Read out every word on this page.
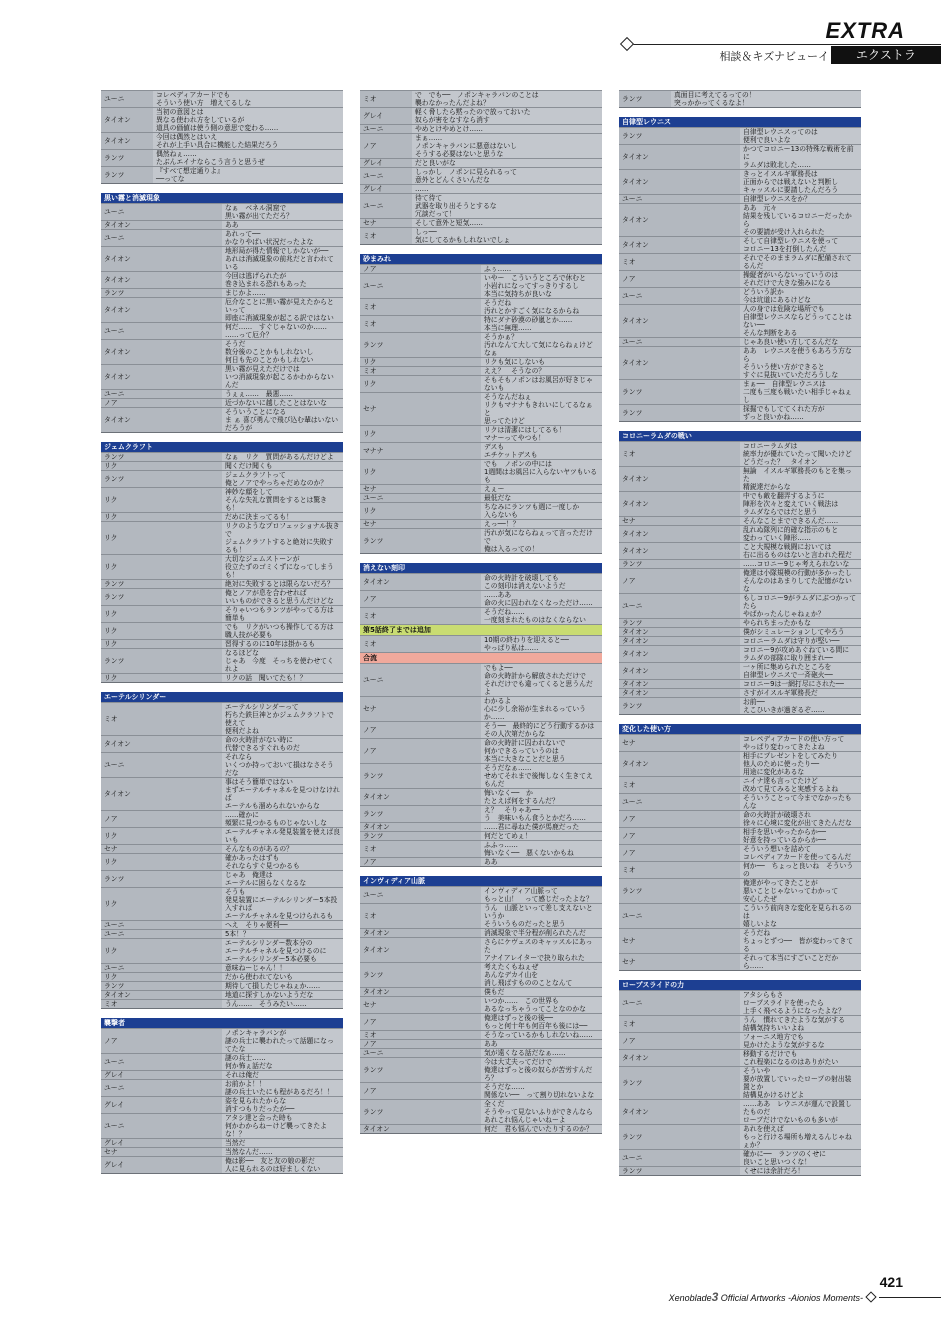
EXTRA
相談＆キズナビューイ	エクストラ
ユーニ	コレペディアカードでも
そういう使い方　増えてるしな
タイオン	当初の意図とは
異なる使われ方をしているが
道具の価値は使う側の意思で変わる……
タイオン	今回は偶然とはいえ
それが上手い具合に機能した結果だろう
ランツ	偶然ねぇ……
たぶんエイナならこう言うと思うぜ
ランツ	『すべて想定通りよ』
──ってな
黒い霧と消滅現象	
ユーニ	なぁ　ベネル洞窟で
黒い霧が出てただろ？
タイオン	ああ
ユーニ	あれって──
かなりやばい状況だったよな
タイオン	地形局が得た情報でしかないが──
あれは消滅現象の前兆だと言われている
タイオン	今回は逃げられたが
巻き込まれる恐れもあった
ランツ	まじかよ……
タイオン	厄介なことに黒い霧が見えたからといって
即座に消滅現象が起こる訳ではない
ユーニ	何だ……　すぐじゃないのか……
……って厄介？
タイオン	そうだ
数分後のことかもしれないし
何日も先のことかもしれない
タイオン	黒い霧が見えただけでは
いつ消滅現象が起こるかわからないんだ
ユーニ	うぇぇ……　最悪……
ノア	近づかないに越したことはないな
タイオン	そういうことになる
ま ぁ 喜び勇んで飛び込む輩はいないだろうが
ジェムクラフト	
ランツ	なぁ　リク　質問があるんだけどよ
リク	聞くだけ聞くも
ランツ	ジェムクラフトって
俺とノアでやっちゃだめなのか？
リク	神妙な顔をして
そんな失礼な質問をするとは驚きも！
リク	だめに決まってるも！
リク	リクのようなプロフェッショナル抜きで
ジェムクラフトすると絶対に失敗するも！
リク	大切なジェムストーンが
役立たずのゴミくずになってしまうも！
ランツ	絶対に失敗するとは限らないだろ？
ランツ	俺とノアが息を合わせれば
いいものができると思うんだけどな
リク	そりゃいつもランツがやってる方は簡単も
リク	でも　リクがいつも操作してる方は
職人技が必要も
リク	習得するのに10年は掛かるも
ランツ	なるほどな
じゃあ　今度　そっちを使わせてくれよ
リク	リクの話　聞いてたも！？
エーテルシリンダー	
ミオ	エーテルシリンダーって
朽ちた鉄巨神とかジェムクラフトで使えて
便利だよね
タイオン	命の火時計がない時に
代替できるすぐれものだ
ユーニ	それなら
いくつか持っておいて損はなさそうだな
タイオン	事はそう簡単ではない
まずエーテルチャネルを見つけなければ
エーテルも溜められないからな
ノア	……確かに
頻繁に見つかるものじゃないしな
リク	エーテルチャネル発見装置を使えば良いも
セナ	そんなものがあるの？
リク	確かあったはずも
それならすぐ見つかるも
ランツ	じゃあ　俺達は
エーテルに困らなくなるな
リク	そうも
発見装置にエーテルシリンダー5本投入すれば
エーテルチャネルを見つけられるも
ユーニ	へえ　そりゃ便利──
ユーニ	5本！？
リク	エーテルシリンダー数本分の
エーテルチャネルを見つけるのに
エーテルシリンダー5本必要も
ユーニ	意味ねーじゃん！！
リク	だから使われてないも
ランツ	期待して損したじゃねぇか……
タイオン	地道に探すしかないようだな
ミオ	うん……　そうみたい……
襲撃者	
ノア	ノポンキャラバンが
謎の兵士に襲われたって話題になってたな
ユーニ	謎の兵士……
何か怖ぇ話だな
グレイ	それは俺だ
ユーニ	お前かよ！！
謎の兵士いたにも程があるだろ！！
グレイ	姿を見られたからな
消すつもりだったが──
ユーニ	アタシ達と会った時も
何かわからねーけど襲ってきたよな！？
グレイ	当然だ
セナ	当然なんだ……
グレイ	俺は影──　友と友の娘の影だ
人に見られるのは好ましくない
ミオ	で　でも──　ノポンキャラバンのことは
襲わなかったんだよね？
グレイ	軽く脅したら黙ったので放っておいた
奴らが害をなすなら消す
ユーニ	やめとけやめとけ……
ノア	まぁ……
ノポンキャラバンに悪意はないし
そうする必要はないと思うな
グレイ	だと良いがな
ユーニ	しっかし　ノポンに見られるって
意外とどんくさいんだな
グレイ	……
ユーニ	待て待て
武器を取り出そうとするな
冗談だって！
セナ	そして意外と短気……
ミオ	しっ──
気にしてるかもしれないでしょ
砂まみれ	
ノア	ふぅ……
ユーニ	いやー　こういうところで休むと
小岩れになってすっきりするし
本当に気持ちが良いな
ミオ	そうだね
汚れとかすごく気になるからね
ミオ	特にダナ砂漠の砂嵐とか……
本当に無理……
ランツ	そうかぁ？
汚れなんて大して気にならねぇけどなぁ
リク	リクも気にしないも
ミオ	ええ？　そうなの？
リク	そもそもノポンはお風呂が好きじゃないも
セナ	そうなんだねぇ
リクもマナナもきれいにしてるなぁと
思ってたけど
リク	リクは清潔にはしてるも！
マナーってやつも！
マナナ	デスも
エチケットデスも
リク	でも　ノポンの中には
1週間はお風呂に入らないヤツもいるも
セナ	えぇー
ユーニ	最低だな
リク	ちなみにランツも週に一度しか
入らないも
セナ	えっ──！？
ランツ	汚れが気にならねぇって言っただけで
俺は入るっての！
消えない刻印	
タイオン	命の火時計を破壊しても
この刻印は消えないようだ
ノア	……ああ
命の火に囚われなくなっただけ……
ミオ	そうだね……
一度刻まれたものはなくならない
第5話終了までは追加	
ミオ	10期の終わりを迎えると──
やっぱり私は……
合流	
ユーニ	でもよ──
命の火時計から解放されただけで
それだけでも違ってくると思うんだよ
セナ	わかるよ
心に少し余裕が生まれるっていうか……
ノア	そう──　最終的にどう行動するかは
その人次第だからな
ノア	命の火時計に囚われないで
何かできるっていうのは
本当に大きなことだと思う
ランツ	そうだなぁ……
せめてそれまで後悔しなく生きてえもんだ
タイオン	悔いなく──　か
たとえば何をするんだ？
ランツ	え？　そりゃあ──
う　美味いもん食うとかだろ……
タイオン	……君に尋ねた僕が馬鹿だった
ランツ	何だとてめぇ！
ミオ	ふふっ……
悔いなく──　悪くないかもね
ノア	ああ
インヴィディア山脈	
ユーニ	インヴィディア山脈って
もっと山！　って感じだったよな？
ミオ	うん　山脈といって差し支えないというか
そういうものだったと思う
タイオン	消滅現象で半分程が削られたんだ
タイオン	さらにケヴェスのキャッスルにあった
アナイアレイターで抉り取られた
ランツ	考えたくもねぇぜ
あんなデカイ山を
消し飛ばすもののことなんて
タイオン	僕もだ
セナ	いつか……　この世界も
あるなっちゃうってことなのかな
ノア	俺達はずっと後の後──
もっと何十年も何百年も後には──
ミオ	そうなっているかもしれないね……
ノア	ああ
ユーニ	気が遠くなる話だなぁ……
ランツ	今は大丈夫ってだけで
俺達はずっと後の奴らが苦労すんだろ？
ノア	そうだな……
関係ない──　って割り切れないよな
ランツ	全くだ
そうやって見ないふりができんなら
あれこれ悩んじゃいねーよ
タイオン	何だ　君も悩んでいたりするのか？
ランツ	真面目に考えてるっての！
突っかかってくるなよ！
自律型レウニス	
ランツ	自律型レウニスってのは
便利で良いよな
タイオン	かつてコロニー13の特殊な戦術を前に
ラムダは敗北した……
タイオン	きっとイスルギ軍務長は
正面からでは戦えないと判断し
キャッスルに要請したんだろう
ユーニ	自律型レウニスをか？
タイオン	ああ　元々
結果を残しているコロニーだったから
その要請が受け入れられた
タイオン	そして自律型レウニスを使って
コロニー13を打倒したんだ
ミオ	それでそのままラムダに配備されてるんだ
ノア	操縦者がいらないっていうのは
それだけで大きな強みになる
ユーニ	どういう訳か
今は坑道にあるけどな
タイオン	人の身では危険な場所でも
自律型レウニスならどうってことはない──
そんな判断をある
ユーニ	じゃあ良い使い方してるんだな
タイオン	ああ　レウニスを使うもあろう方なら
そういう使い方ができると
すぐに見抜いていただろうしな
ランツ	まぁ──　自律型レウニスは
二度も三度も戦いたい相手じゃねぇし
ランツ	採掘でもしててくれた方が
ずっと良いかね……
コロニーラムダの戦い	
ミオ	コロニーラムダは
統率力が優れていたって聞いたけど
どうだった？　タイオン
タイオン	無論　イスルギ軍務長のもとを集った
精鋭達だからな
タイオン	中でも敵を翻弄するように
陣形を次々と変えていく戦法は
ラムダならではだと思う
セナ	そんなことまでできるんだ……
タイオン	乱れぬ隊列に的確な指示のもと
変わっていく陣形……
タイオン	こと大規模な戦闘においては
右に出るものはないと言われた程だ
ランツ	……コロニー9じゃ考えられないな
ノア	俺達は小隊規模の行動が多かったし
そんなのはあまりしてた記憶がないな
ユーニ	もしコロニー9がラムダにぶつかってたら
やばかったんじゃねぇか？
ランツ	やられちまったかもな
タイオン	僕がシミュレーションしてやろう
タイオン	コロニーラムダは守りが堅い──
タイオン	コロニー9が攻めあぐねている間に
ラムダの部隊に取り囲まれ──
タイオン	一ヶ所に集められたところを
自律型レウニスで一斉砲火──
タイオン	コロニー9は一網打尽にされた──
タイオン	さすがイスルギ軍務長だ
ランツ	お前──
えこひいきが過ぎるぞ……
変化した使い方	
セナ	コレペディアカードの使い方って
やっぱり変わってきたよね
タイオン	相手にプレゼントをしてみたり
他人のために使ったり──
用途に変化があるな
ミオ	ニイナ達も言ってたけど
改めて見てみると実感するよね
ユーニ	そういうことって今までなかったもんな
ノア	命の火時計が破壊され
徐々に心境に変化が出てきたんだな
ノア	相手を思いやったからか──
好意を持っているからか──
ノア	そういう想いを詰めて
コレペディアカードを使ってるんだ
ミオ	何か──　ちょっと良いね　そういうの
ランツ	俺達がやってきたことが
悪いことじゃないってわかって
安心したぜ
ユーニ	こういう前向きな変化を見られるのは
嬉しいよな
セナ	そうだね
ちょっとずつ──　皆が変わってきてる
セナ	それって本当にすごいことだから……
ロープスライドの力	
ユーニ	アタシらもさ
ロープスライドを使ったら
上手く飛べるようになったよな？
ミオ	うん　慣れてきたような気がする
結構気持ちいいよね
ノア	フォーニス地方でも
見かけたような気がするな
タイオン	移動するだけでも
これ程楽になるのはありがたい
ランツ	そういや
要が放置していったロープの射出装置とか
結構見かけるけどよ
タイオン	……ああ　レウニスが運んで設置したものだ
ロープだけでないものも多いが
ランツ	あれを使えば
もっと行ける場所も増えるんじゃねぇか？
ユーニ	確かに──　ランツのくせに
良いこと思いつくな！
ランツ	くせには余計だろ！
421
Xenoblade3 Official Artworks -Aionios Moments-
